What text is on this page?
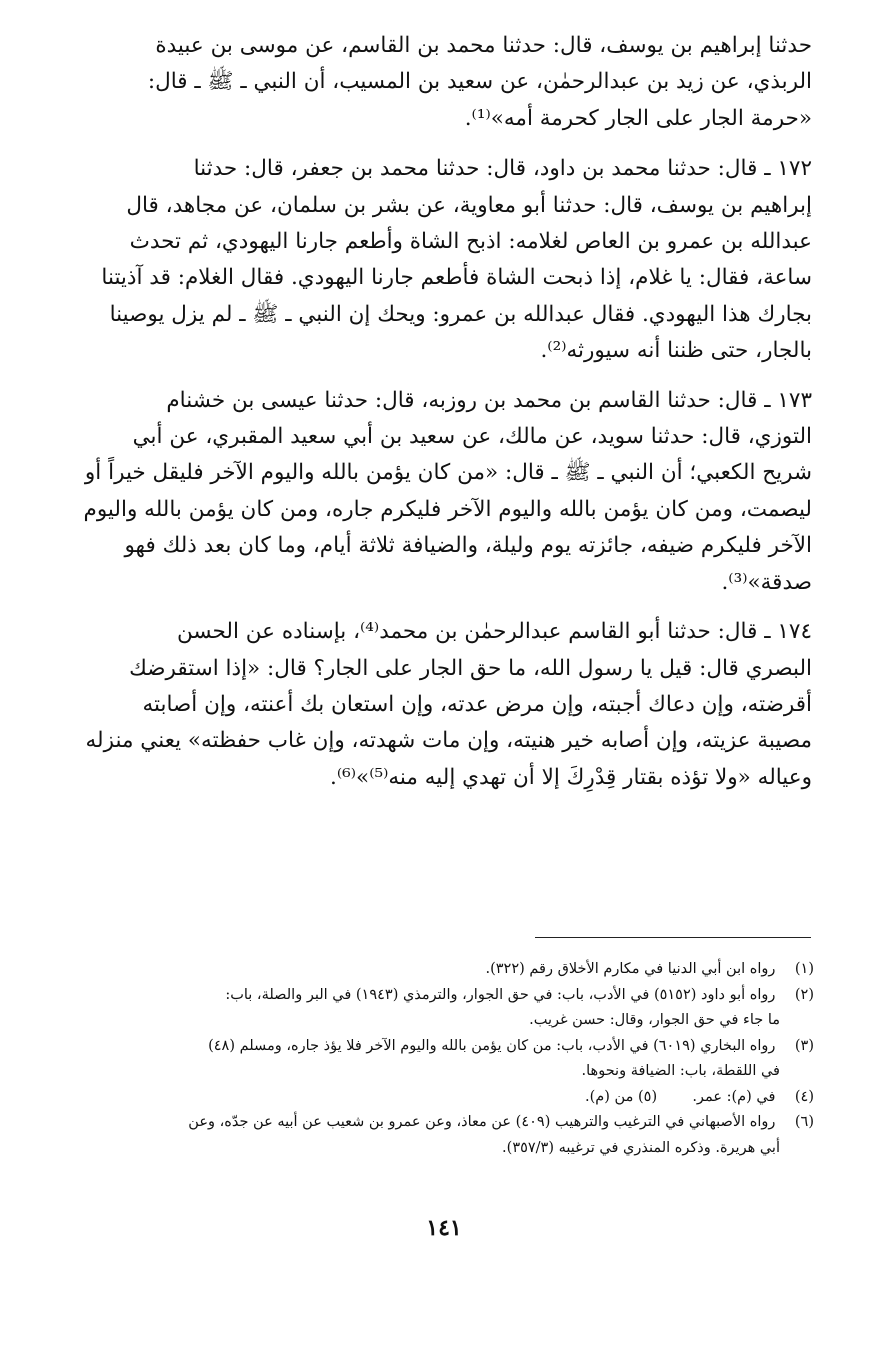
حدثنا إبراهيم بن يوسف، قال: حدثنا محمد بن القاسم، عن موسى بن عبيدة
الربذي، عن زيد بن عبدالرحمٰن، عن سعيد بن المسيب، أن النبي ـ ﷺ ـ قال:
«حرمة الجار على الجار كحرمة أمه»⁽¹⁾.
١٧٢ ـ قال: حدثنا محمد بن داود، قال: حدثنا محمد بن جعفر، قال: حدثنا
إبراهيم بن يوسف، قال: حدثنا أبو معاوية، عن بشر بن سلمان، عن مجاهد، قال
عبدالله بن عمرو بن العاص لغلامه: اذبح الشاة وأطعم جارنا اليهودي، ثم تحدث
ساعة، فقال: يا غلام، إذا ذبحت الشاة فأطعم جارنا اليهودي. فقال الغلام: قد آذيتنا
بجارك هذا اليهودي. فقال عبدالله بن عمرو: ويحك إن النبي ـ ﷺ ـ لم يزل يوصينا
بالجار، حتى ظننا أنه سيورثه⁽²⁾.
١٧٣ ـ قال: حدثنا القاسم بن محمد بن روزبه، قال: حدثنا عيسى بن خشنام
التوزي، قال: حدثنا سويد، عن مالك، عن سعيد بن أبي سعيد المقبري، عن أبي
شريح الكعبي؛ أن النبي ـ ﷺ ـ قال: «من كان يؤمن بالله واليوم الآخر فليقل خيراً أو
ليصمت، ومن كان يؤمن بالله واليوم الآخر فليكرم جاره، ومن كان يؤمن بالله واليوم
الآخر فليكرم ضيفه، جائزته يوم وليلة، والضيافة ثلاثة أيام، وما كان بعد ذلك فهو
صدقة»⁽³⁾.
١٧٤ ـ قال: حدثنا أبو القاسم عبدالرحمٰن بن محمد⁽⁴⁾، بإسناده عن الحسن
البصري قال: قيل يا رسول الله، ما حق الجار على الجار؟ قال: «إذا استقرضك
أقرضته، وإن دعاك أجبته، وإن مرض عدته، وإن استعان بك أعنته، وإن أصابته
مصيبة عزيته، وإن أصابه خير هنيته، وإن مات شهدته، وإن غاب حفظته» يعني منزله
وعياله «ولا تؤذه بقتار قِدْرِكَ إلا أن تهدي إليه منه⁽⁵⁾»⁽⁶⁾.
(١) رواه ابن أبي الدنيا في مكارم الأخلاق رقم (٣٢٢).
(٢) رواه أبو داود (٥١٥٢) في الأدب، باب: في حق الجوار، والترمذي (١٩٤٣) في البر والصلة، باب:
ما جاء في حق الجوار، وقال: حسن غريب.
(٣) رواه البخاري (٦٠١٩) في الأدب، باب: من كان يؤمن بالله واليوم الآخر فلا يؤذ جاره، ومسلم (٤٨)
في اللقطة، باب: الضيافة ونحوها.
(٤) في (م): عمر.  (٥) من (م).
(٦) رواه الأصبهاني في الترغيب والترهيب (٤٠٩) عن معاذ، وعن عمرو بن شعيب عن أبيه عن جدّه، وعن
أبي هريرة. وذكره المنذري في ترغيبه (٣٥٧/٣).
١٤١
